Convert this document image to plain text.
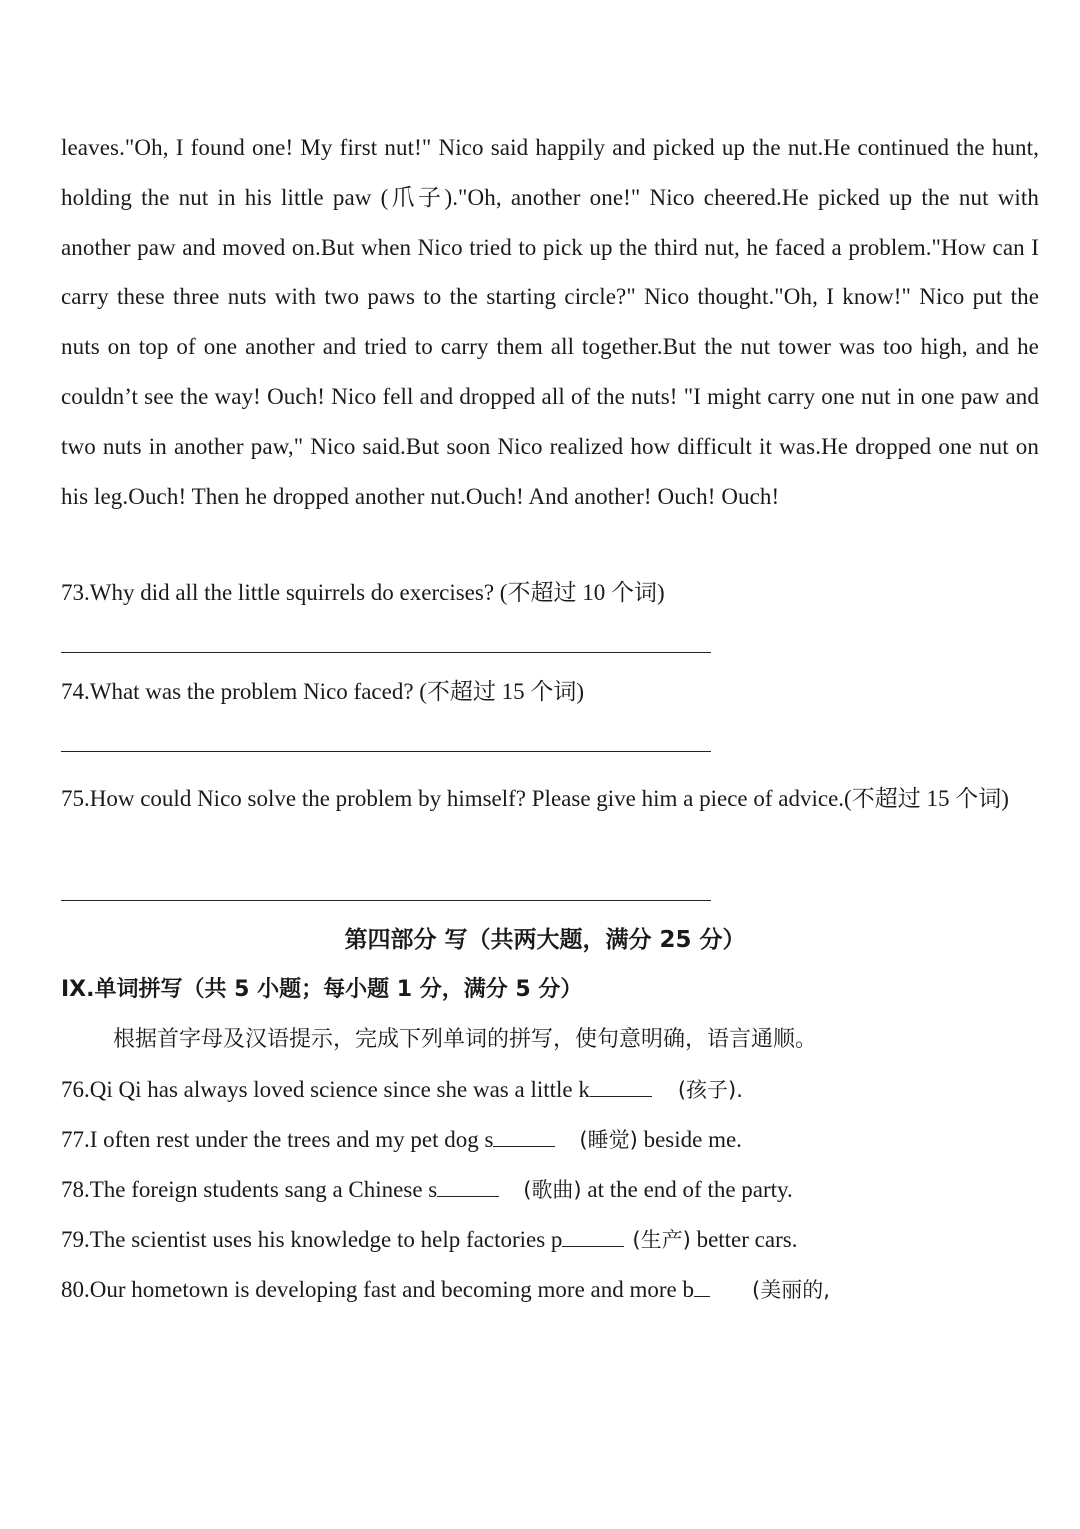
leaves."Oh, I found one! My first nut!" Nico said happily and picked up the nut.He continued the hunt, holding the nut in his little paw (爪子)."Oh, another one!" Nico cheered.He picked up the nut with another paw and moved on.But when Nico tried to pick up the third nut, he faced a problem."How can I carry these three nuts with two paws to the starting circle?" Nico thought."Oh, I know!" Nico put the nuts on top of one another and tried to carry them all together.But the nut tower was too high, and he couldn’t see the way! Ouch! Nico fell and dropped all of the nuts! "I might carry one nut in one paw and two nuts in another paw," Nico said.But soon Nico realized how difficult it was.He dropped one nut on his leg.Ouch! Then he dropped another nut.Ouch! And another! Ouch! Ouch!

73.Why did all the little squirrels do exercises? (不超过 10 个词)
74.What was the problem Nico faced? (不超过 15 个词)
75.How could Nico solve the problem by himself? Please give him a piece of advice.(不超过 15 个词)
第四部分 写（共两大题，满分 25 分）
IX.单词拼写（共 5 小题；每小题 1 分，满分 5 分）
根据首字母及汉语提示，完成下列单词的拼写，使句意明确，语言通顺。
76.Qi Qi has always loved science since she was a little k	(孩子).
77.I often rest under the trees and my pet dog s	(睡觉) beside me.
78.The foreign students sang a Chinese s	(歌曲) at the end of the party.
79.The scientist uses his knowledge to help factories p	(生产) better cars.
80.Our hometown is developing fast and becoming more and more b	(美丽的,
